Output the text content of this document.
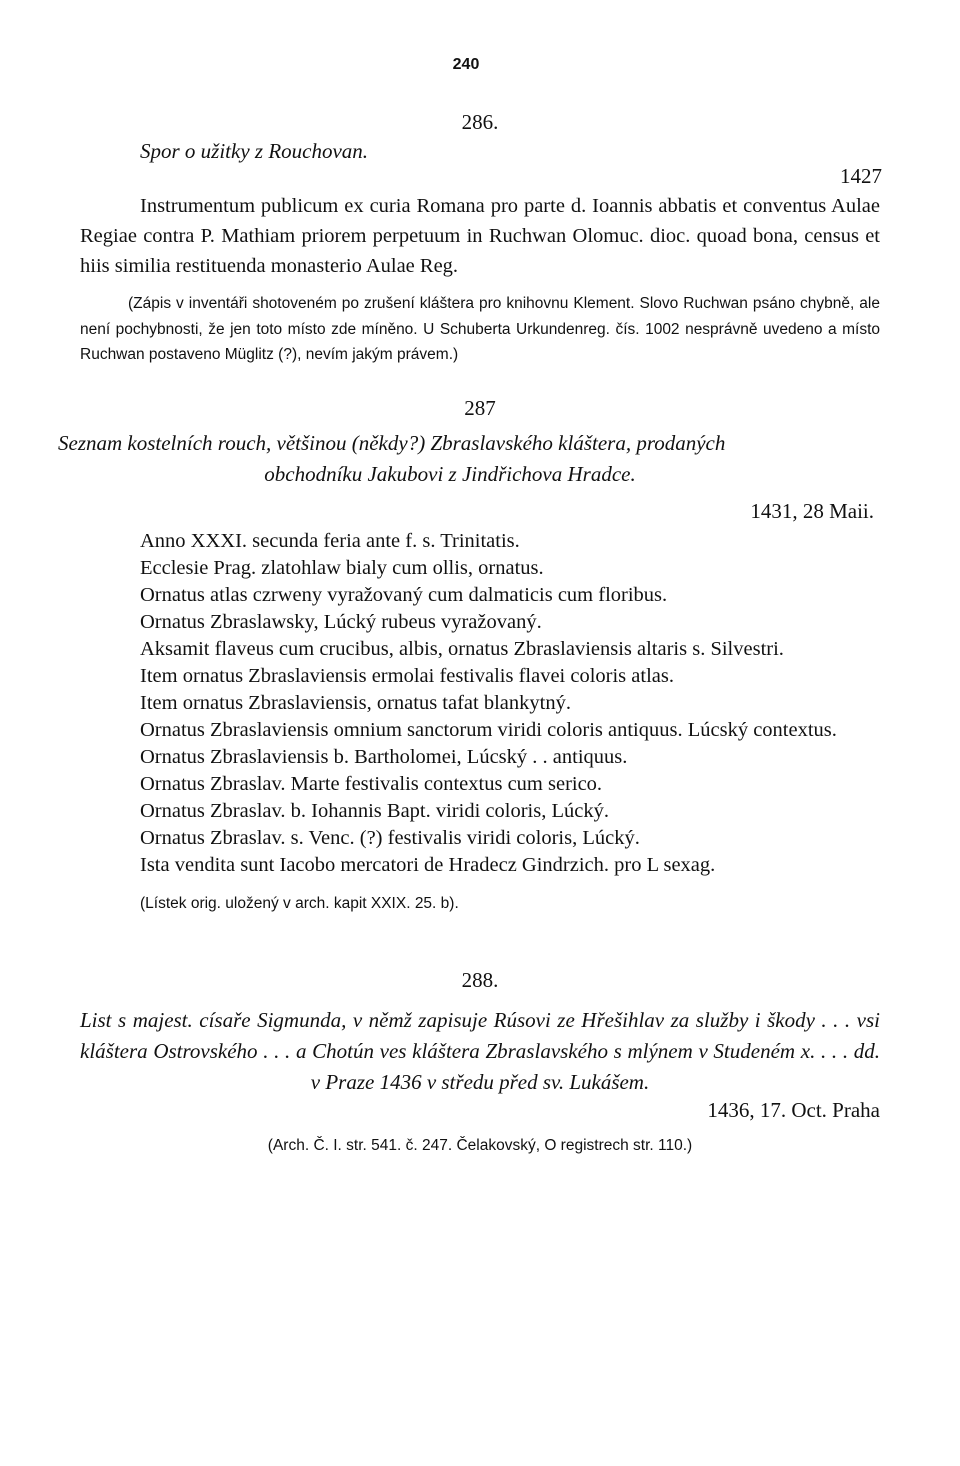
240
286.
Spor o užitky z Rouchovan.
1427

Instrumentum publicum ex curia Romana pro parte d. Ioannis abbatis et conventus Aulae Regiae contra P. Mathiam priorem perpetuum in Ruchwan Olomuc. dioc. quoad bona, census et hiis similia restituenda monasterio Aulae Reg.

(Zápis v inventáři shotoveném po zrušení kláštera pro knihovnu Klement. Slovo Ruchwan psáno chybně, ale není pochybnosti, že jen toto místo zde míněno. U Schuberta Urkundenreg. čís. 1002 nesprávně uvedeno a místo Ruchwan postaveno Müglitz (?), nevím jakým právem.)

287
Seznam kostelních rouch, většinou (někdy?) Zbraslavského kláštera, prodaných
obchodníku Jakubovi z Jindřichova Hradce.
1431, 28 Maii.
Anno XXXI. secunda feria ante f. s. Trinitatis.
Ecclesie Prag. zlatohlaw bialy cum ollis, ornatus.
Ornatus atlas czrweny vyražovaný cum dalmaticis cum floribus.
Ornatus Zbraslawsky, Lúcký rubeus vyražovaný.

Aksamit flaveus cum crucibus, albis, ornatus Zbraslaviensis altaris s. Silvestri.

Item ornatus Zbraslaviensis ermolai festivalis flavei coloris atlas.
Item ornatus Zbraslaviensis, ornatus tafat blankytný.

Ornatus Zbraslaviensis omnium sanctorum viridi coloris antiquus. Lúcský contextus.

Ornatus Zbraslaviensis b. Bartholomei, Lúcský . . antiquus.
Ornatus Zbraslav. Marte festivalis contextus cum serico.
Ornatus Zbraslav. b. Iohannis Bapt. viridi coloris, Lúcký.
Ornatus Zbraslav. s. Venc. (?) festivalis viridi coloris, Lúcký.

Ista vendita sunt Iacobo mercatori de Hradecz Gindrzich. pro L sexag.

(Lístek orig. uložený v arch. kapit XXIX. 25. b).

288.

List s majest. císaře Sigmunda, v němž zapisuje Rúsovi ze Hřešihlav za služby i škody . . . vsi kláštera Ostrovského . . . a Chotún ves kláštera Zbraslavského s mlýnem v Studeném x. . . . dd. v Praze 1436 v středu před sv. Lukášem.

1436, 17. Oct. Praha

(Arch. Č. I. str. 541. č. 247. Čelakovský, O registrech str. 110.)
